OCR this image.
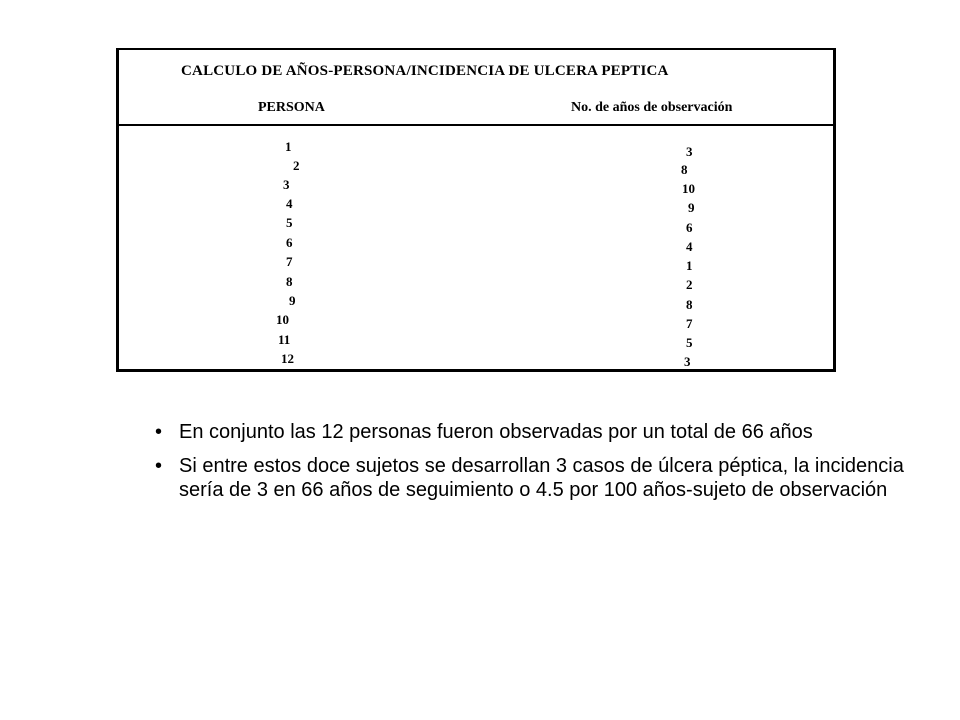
CALCULO DE AÑOS-PERSONA/INCIDENCIA DE ULCERA PEPTICA
PERSONA	No. de años de observación
1
2
3
4
5
6
7
8
9
10
11
12
3
8
10
9
6
4
1
2
8
7
5
3
• En conjunto las 12 personas fueron observadas por un total de 66 años
• Si entre estos doce sujetos se desarrollan 3 casos de úlcera péptica, la incidencia sería de 3 en 66 años de seguimiento o 4.5 por 100 años-sujeto de observación
